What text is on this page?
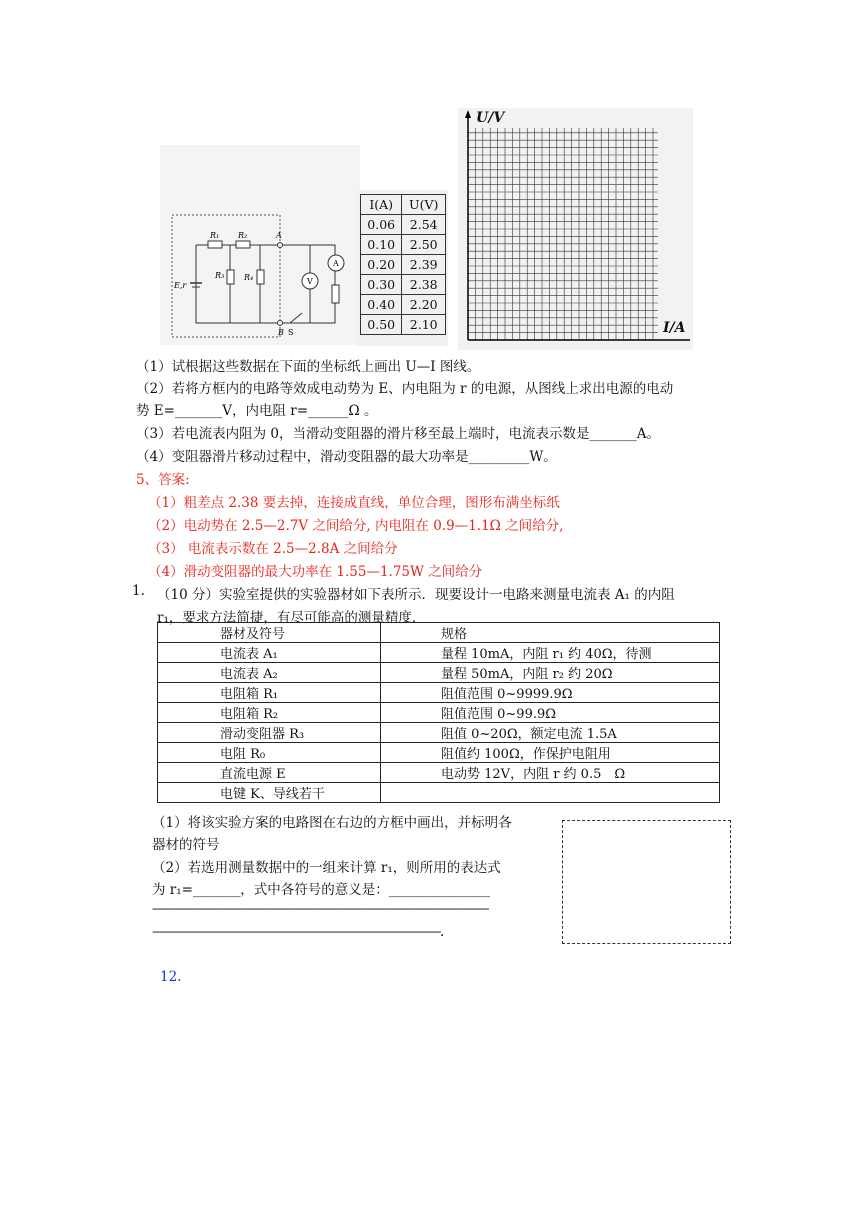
R₁ R₂
R₃ R₄
E,r
A
B S
V
A
I(A)	U(V)
0.06	2.54
0.10	2.50
0.20	2.39
0.30	2.38
0.40	2.20
0.50	2.10
U/V
I/A
（1）试根据这些数据在下面的坐标纸上画出 U—I 图线。
（2）若将方框内的电路等效成电动势为 E、内电阻为 r 的电源，从图线上求出电源的电动
势 E=_______V，内电阻 r=______Ω 。
（3）若电流表内阻为 0，当滑动变阻器的滑片移至最上端时，电流表示数是_______A。
（4）变阻器滑片移动过程中，滑动变阻器的最大功率是_________W。
5、答案:
（1）粗差点 2.38 要去掉，连接成直线，单位合理，图形布满坐标纸
（2）电动势在 2.5—2.7V 之间给分, 内电阻在 0.9—1.1Ω 之间给分,
（3） 电流表示数在 2.5—2.8A 之间给分
（4）滑动变阻器的最大功率在 1.55—1.75W 之间给分
1. （10 分）实验室提供的实验器材如下表所示．现要设计一电路来测量电流表 A₁ 的内阻
r₁，要求方法简捷，有尽可能高的测量精度．
器材及符号	规格
电流表 A₁	量程 10mA，内阻 r₁ 约 40Ω，待测
电流表 A₂	量程 50mA，内阻 r₂ 约 20Ω
电阻箱 R₁	阻值范围 0~9999.9Ω
电阻箱 R₂	阻值范围 0~99.9Ω
滑动变阻器 R₃	阻值 0~20Ω，额定电流 1.5A
电阻 R₀	阻值约 100Ω，作保护电阻用
直流电源 E	电动势 12V，内阻 r 约 0.5　Ω
电键 K、导线若干	
（1）将该实验方案的电路图在右边的方框中画出，并标明各
器材的符号
（2）若选用测量数据中的一组来计算 r₁，则所用的表达式
为 r₁=_______，式中各符号的意义是：_______________
————————————————————————————
————————————————————————.
12.
